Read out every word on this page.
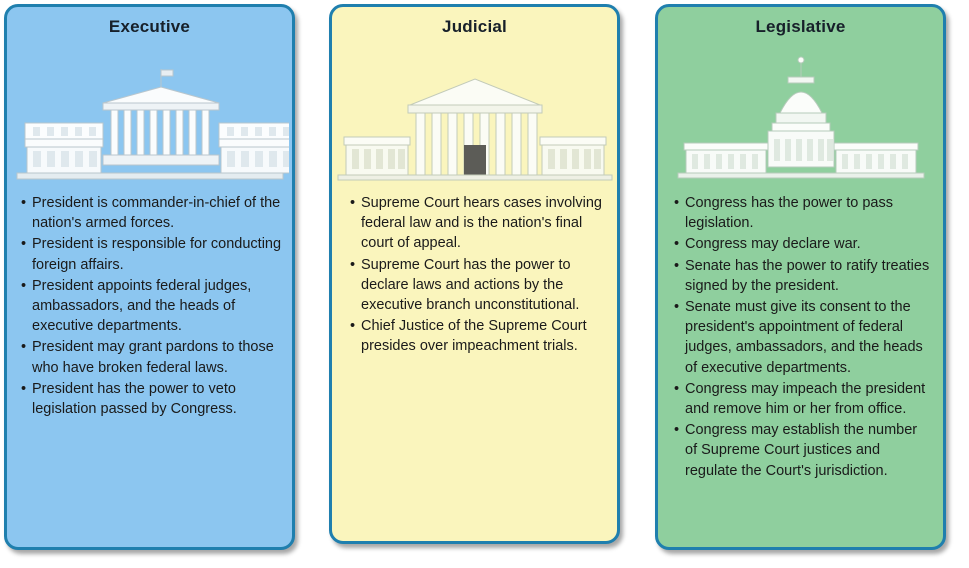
Executive
• President is commander-in-chief of the nation's armed forces.
• President is responsible for conducting foreign affairs.
• President appoints federal judges, ambassadors, and the heads of executive departments.
• President may grant pardons to those who have broken federal laws.
• President has the power to veto legislation passed by Congress.
Judicial
• Supreme Court hears cases involving federal law and is the nation's final court of appeal.
• Supreme Court has the power to declare laws and actions by the executive branch unconstitutional.
• Chief Justice of the Supreme Court presides over impeachment trials.
Legislative
• Congress has the power to pass legislation.
• Congress may declare war.
• Senate has the power to ratify treaties signed by the president.
• Senate must give its consent to the president's appointment of federal judges, ambassadors, and the heads of executive departments.
• Congress may impeach the president and remove him or her from office.
• Congress may establish the number of Supreme Court justices and regulate the Court's jurisdiction.
